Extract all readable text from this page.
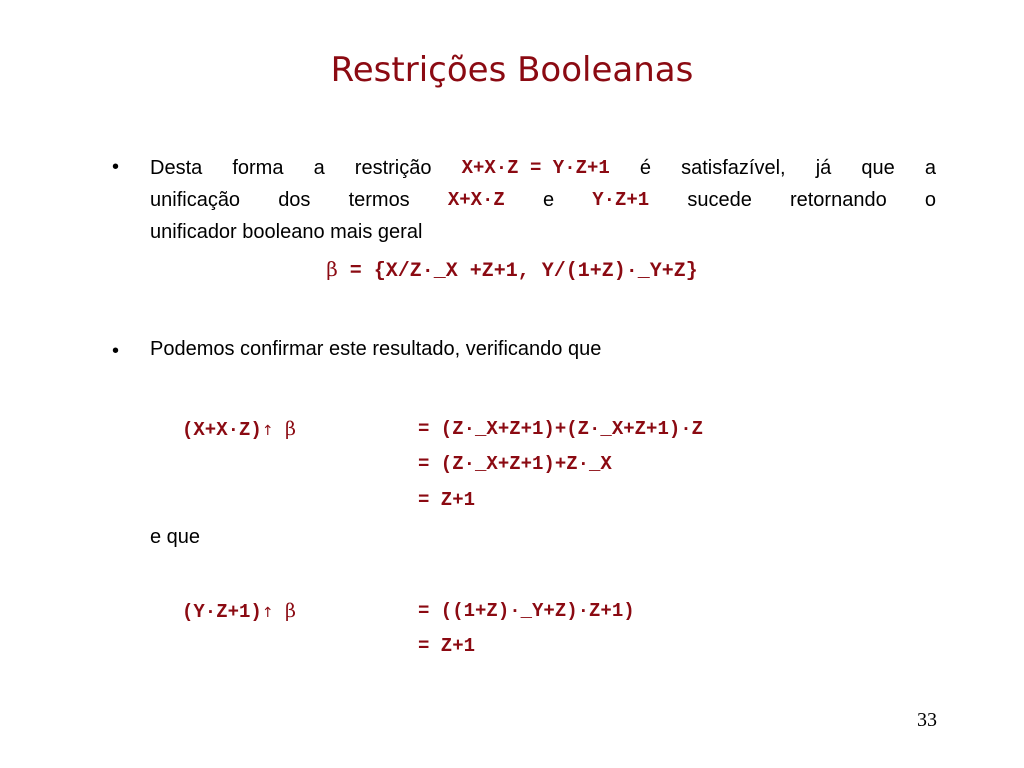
Restrições Booleanas
• Desta forma a restrição X+X·Z = Y·Z+1 é satisfazível, já que a
unificação dos termos X+X·Z e Y·Z+1 sucede retornando o
unificador booleano mais geral
β = {X/Z·_X +Z+1, Y/(1+Z)·_Y+Z}
• Podemos confirmar este resultado, verificando que
(X+X·Z)↑ β	= (Z·_X+Z+1)+(Z·_X+Z+1)·Z
= (Z·_X+Z+1)+Z·_X
= Z+1
e que
(Y·Z+1)↑ β	= ((1+Z)·_Y+Z)·Z+1)
= Z+1
33
